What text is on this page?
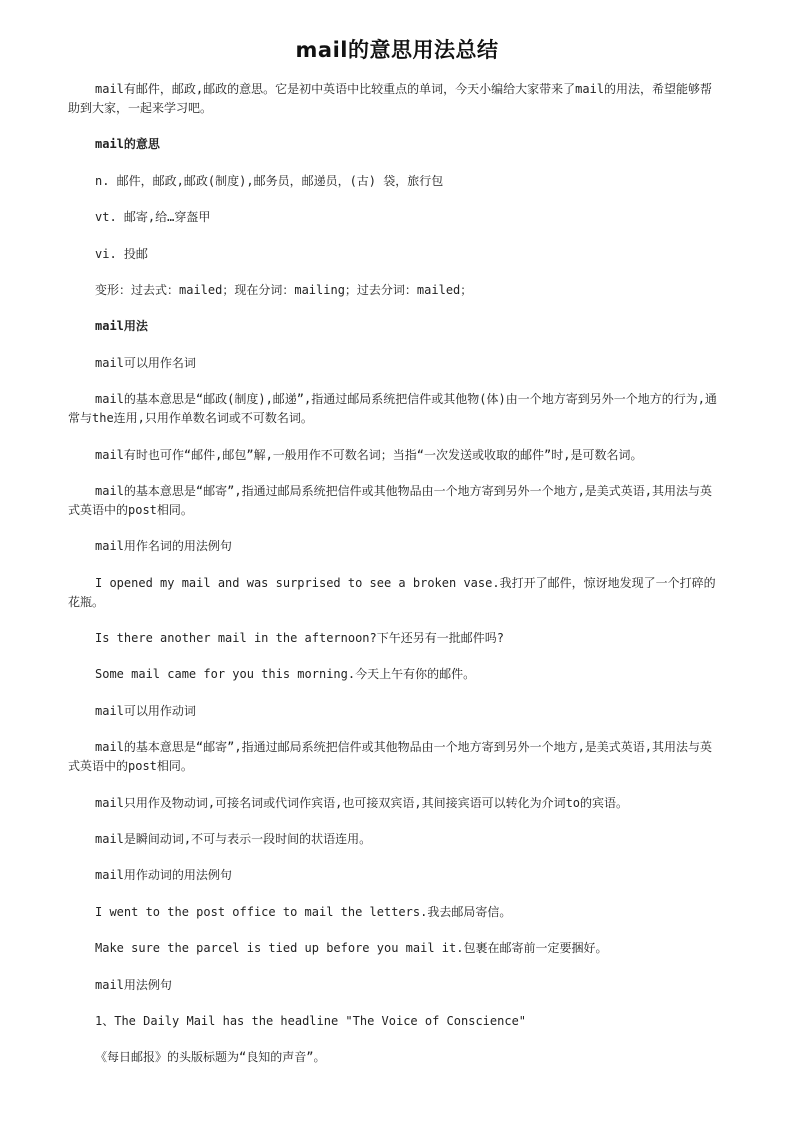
mail的意思用法总结

mail有邮件，邮政,邮政的意思。它是初中英语中比较重点的单词，今天小编给大家带来了mail的用法，希望能够帮助到大家，一起来学习吧。

mail的意思

n. 邮件，邮政,邮政(制度),邮务员，邮递员，(古) 袋，旅行包

vt. 邮寄,给…穿盔甲

vi. 投邮

变形：过去式：mailed；现在分词：mailing；过去分词：mailed；

mail用法

mail可以用作名词

mail的基本意思是“邮政(制度),邮递”,指通过邮局系统把信件或其他物(体)由一个地方寄到另外一个地方的行为,通常与the连用,只用作单数名词或不可数名词。

mail有时也可作“邮件,邮包”解,一般用作不可数名词；当指“一次发送或收取的邮件”时,是可数名词。

mail的基本意思是“邮寄”,指通过邮局系统把信件或其他物品由一个地方寄到另外一个地方,是美式英语,其用法与英式英语中的post相同。

mail用作名词的用法例句

I opened my mail and was surprised to see a broken vase.我打开了邮件，惊讶地发现了一个打碎的花瓶。

Is there another mail in the afternoon?下午还另有一批邮件吗?

Some mail came for you this morning.今天上午有你的邮件。

mail可以用作动词

mail的基本意思是“邮寄”,指通过邮局系统把信件或其他物品由一个地方寄到另外一个地方,是美式英语,其用法与英式英语中的post相同。

mail只用作及物动词,可接名词或代词作宾语,也可接双宾语,其间接宾语可以转化为介词to的宾语。

mail是瞬间动词,不可与表示一段时间的状语连用。

mail用作动词的用法例句

I went to the post office to mail the letters.我去邮局寄信。

Make sure the parcel is tied up before you mail it.包裹在邮寄前一定要捆好。

mail用法例句

1、The Daily Mail has the headline "The Voice of Conscience"

《每日邮报》的头版标题为“良知的声音”。
